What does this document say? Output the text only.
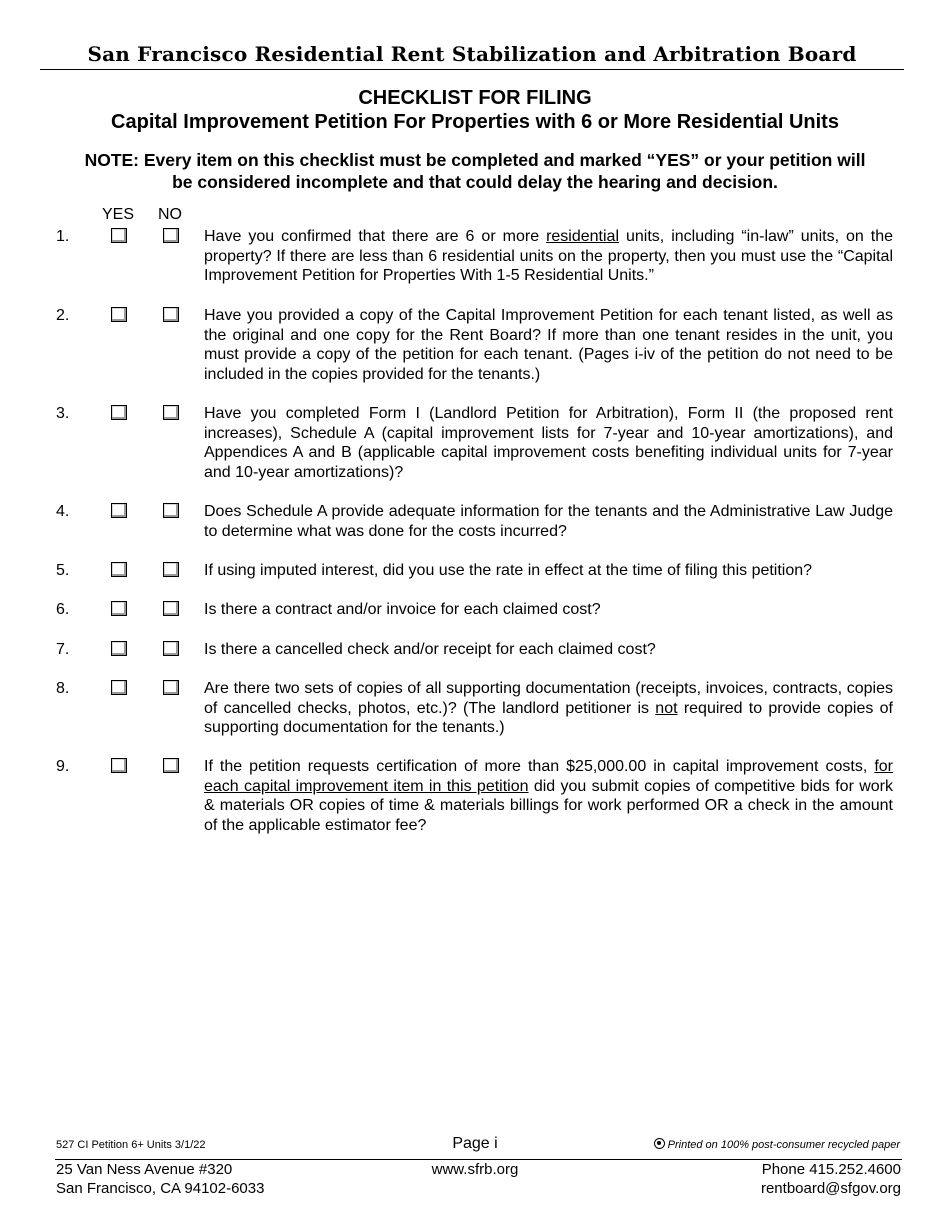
San Francisco Residential Rent Stabilization and Arbitration Board
CHECKLIST FOR FILING
Capital Improvement Petition For Properties with 6 or More Residential Units
NOTE: Every item on this checklist must be completed and marked “YES” or your petition will be considered incomplete and that could delay the hearing and decision.
YES NO
1.	Have you confirmed that there are 6 or more residential units, including “in-law” units, on the property? If there are less than 6 residential units on the property, then you must use the “Capital Improvement Petition for Properties With 1-5 Residential Units.”
2.	Have you provided a copy of the Capital Improvement Petition for each tenant listed, as well as the original and one copy for the Rent Board? If more than one tenant resides in the unit, you must provide a copy of the petition for each tenant. (Pages i-iv of the petition do not need to be included in the copies provided for the tenants.)
3.	Have you completed Form I (Landlord Petition for Arbitration), Form II (the proposed rent increases), Schedule A (capital improvement lists for 7-year and 10-year amortizations), and Appendices A and B (applicable capital improvement costs benefiting individual units for 7-year and 10-year amortizations)?
4.	Does Schedule A provide adequate information for the tenants and the Administrative Law Judge to determine what was done for the costs incurred?
5.	If using imputed interest, did you use the rate in effect at the time of filing this petition?
6.	Is there a contract and/or invoice for each claimed cost?
7.	Is there a cancelled check and/or receipt for each claimed cost?
8.	Are there two sets of copies of all supporting documentation (receipts, invoices, contracts, copies of cancelled checks, photos, etc.)? (The landlord petitioner is not required to provide copies of supporting documentation for the tenants.)
9.	If the petition requests certification of more than $25,000.00 in capital improvement costs, for each capital improvement item in this petition did you submit copies of competitive bids for work & materials OR copies of time & materials billings for work performed OR a check in the amount of the applicable estimator fee?
527 CI Petition 6+ Units 3/1/22	Page i	Printed on 100% post-consumer recycled paper
25 Van Ness Avenue #320
San Francisco, CA 94102-6033
www.sfrb.org	Phone 415.252.4600
rentboard@sfgov.org
